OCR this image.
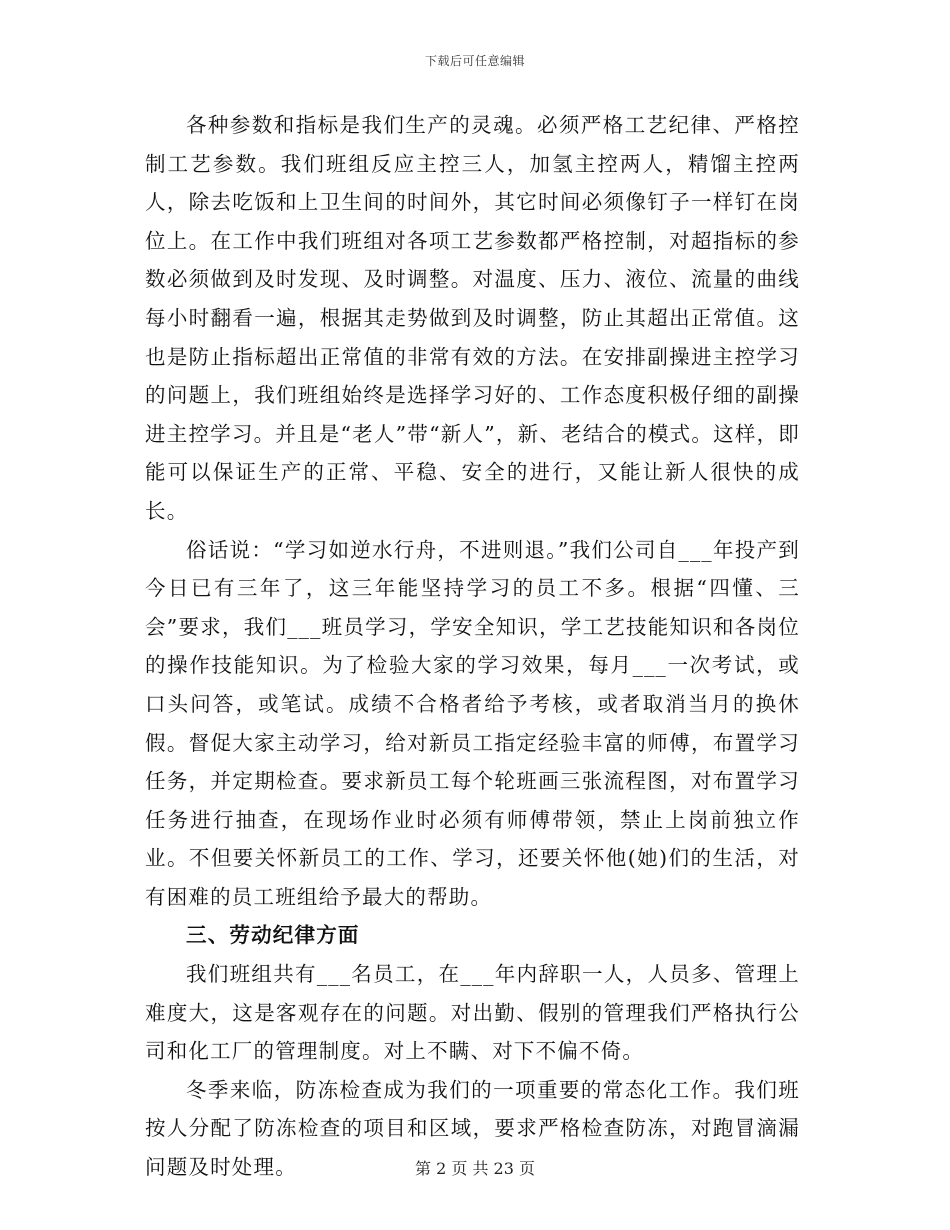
下载后可任意编辑

各种参数和指标是我们生产的灵魂。必须严格工艺纪律、严格控制工艺参数。我们班组反应主控三人，加氢主控两人，精馏主控两人，除去吃饭和上卫生间的时间外，其它时间必须像钉子一样钉在岗位上。在工作中我们班组对各项工艺参数都严格控制，对超指标的参数必须做到及时发现、及时调整。对温度、压力、液位、流量的曲线每小时翻看一遍，根据其走势做到及时调整，防止其超出正常值。这也是防止指标超出正常值的非常有效的方法。在安排副操进主控学习的问题上，我们班组始终是选择学习好的、工作态度积极仔细的副操进主控学习。并且是“老人”带“新人”，新、老结合的模式。这样，即能可以保证生产的正常、平稳、安全的进行，又能让新人很快的成长。

俗话说：“学习如逆水行舟，不进则退。”我们公司自___年投产到今日已有三年了，这三年能坚持学习的员工不多。根据“四懂、三会”要求，我们___班员学习，学安全知识，学工艺技能知识和各岗位的操作技能知识。为了检验大家的学习效果，每月___一次考试，或口头问答，或笔试。成绩不合格者给予考核，或者取消当月的换休假。督促大家主动学习，给对新员工指定经验丰富的师傅，布置学习任务，并定期检查。要求新员工每个轮班画三张流程图，对布置学习任务进行抽查，在现场作业时必须有师傅带领，禁止上岗前独立作业。不但要关怀新员工的工作、学习，还要关怀他(她)们的生活，对有困难的员工班组给予最大的帮助。

三、劳动纪律方面

我们班组共有___名员工，在___年内辞职一人，人员多、管理上难度大，这是客观存在的问题。对出勤、假别的管理我们严格执行公司和化工厂的管理制度。对上不瞒、对下不偏不倚。

冬季来临，防冻检查成为我们的一项重要的常态化工作。我们班按人分配了防冻检查的项目和区域，要求严格检查防冻，对跑冒滴漏问题及时处理。	第 2 页 共 23 页
